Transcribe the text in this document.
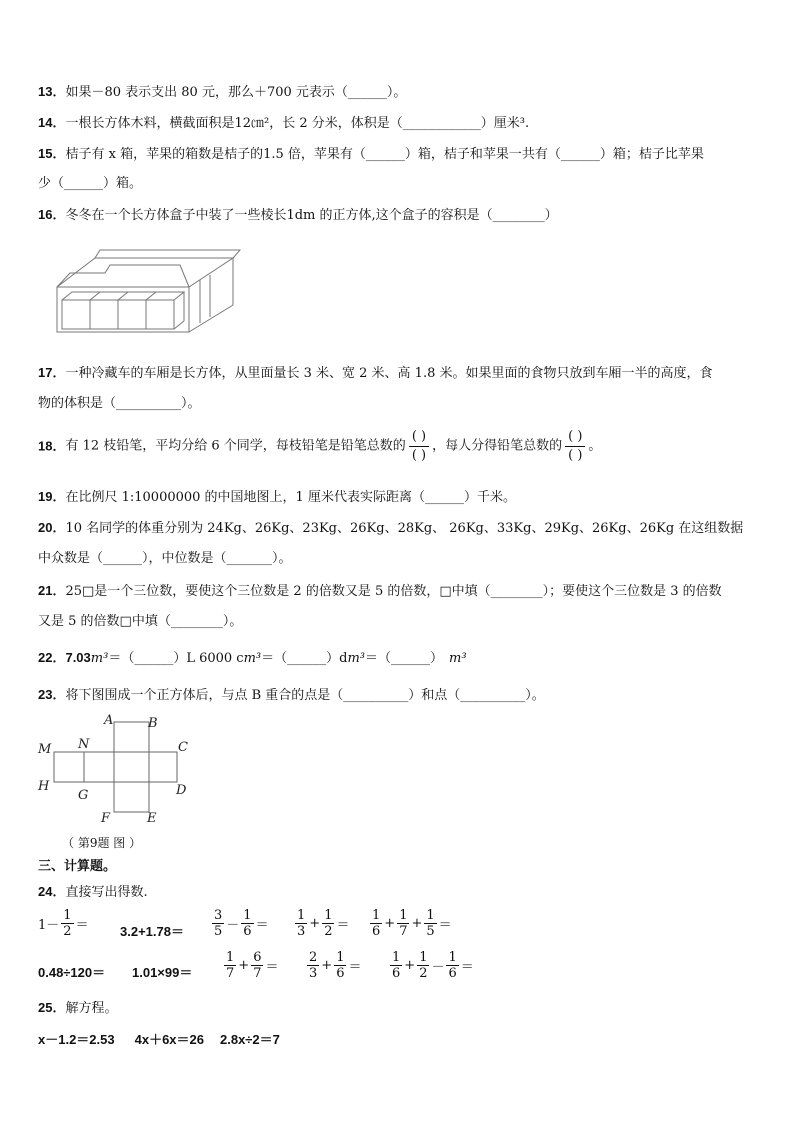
13．如果－80 表示支出 80 元，那么＋700 元表示（______）。
14．一根长方体木料，横截面积是12㎝²，长 2 分米，体积是（____________）厘米³.
15．桔子有 x 箱，苹果的箱数是桔子的1.5 倍，苹果有（______）箱，桔子和苹果一共有（______）箱；桔子比苹果
少（______）箱。
16．冬冬在一个长方体盒子中装了一些棱长1dm 的正方体,这个盒子的容积是（________）
17．一种冷藏车的车厢是长方体，从里面量长 3 米、宽 2 米、高 1.8 米。如果里面的食物只放到车厢一半的高度，食
物的体积是（__________）。
18．有 12 枝铅笔，平均分给 6 个同学，每枝铅笔是铅笔总数的
( )
( )
，每人分得铅笔总数的
( )
( )
。
19．在比例尺 1:10000000 的中国地图上，1 厘米代表实际距离（______）千米。
20．10 名同学的体重分别为 24Kg、26Kg、23Kg、26Kg、28Kg、 26Kg、33Kg、29Kg、26Kg、26Kg 在这组数据
中众数是（______），中位数是（_______）。
21．25□是一个三位数，要使这个三位数是 2 的倍数又是 5 的倍数，□中填（________）；要使这个三位数是 3 的倍数
又是 5 的倍数□中填（________）。
22．7.03m³＝（______）L 6000 cm³＝（______）dm³＝（______） m³
23．将下图围成一个正方体后，与点 B 重合的点是（__________）和点（__________）。
A	B
M N	C
H
G	D
F	E
（ 第9题 图 ）
三、计算题。
24．直接写出得数.
$1- \frac{1}{2} = 3.2+1.78= \frac{3}{5} - \frac{1}{6} = \frac{1}{3} + \frac{1}{2} = \frac{1}{6} + \frac{1}{7} + \frac{1}{5}$ ＝
$0.48\div 120= 1.01\times 99= \frac{1}{7} + \frac{6}{7} = \frac{2}{3} + \frac{1}{6} = \frac{1}{6} + \frac{1}{2} - \frac{1}{6}$ ＝
25．解方程。
x－1.2＝2.53 4x＋6x＝26 2.8x÷2＝7
